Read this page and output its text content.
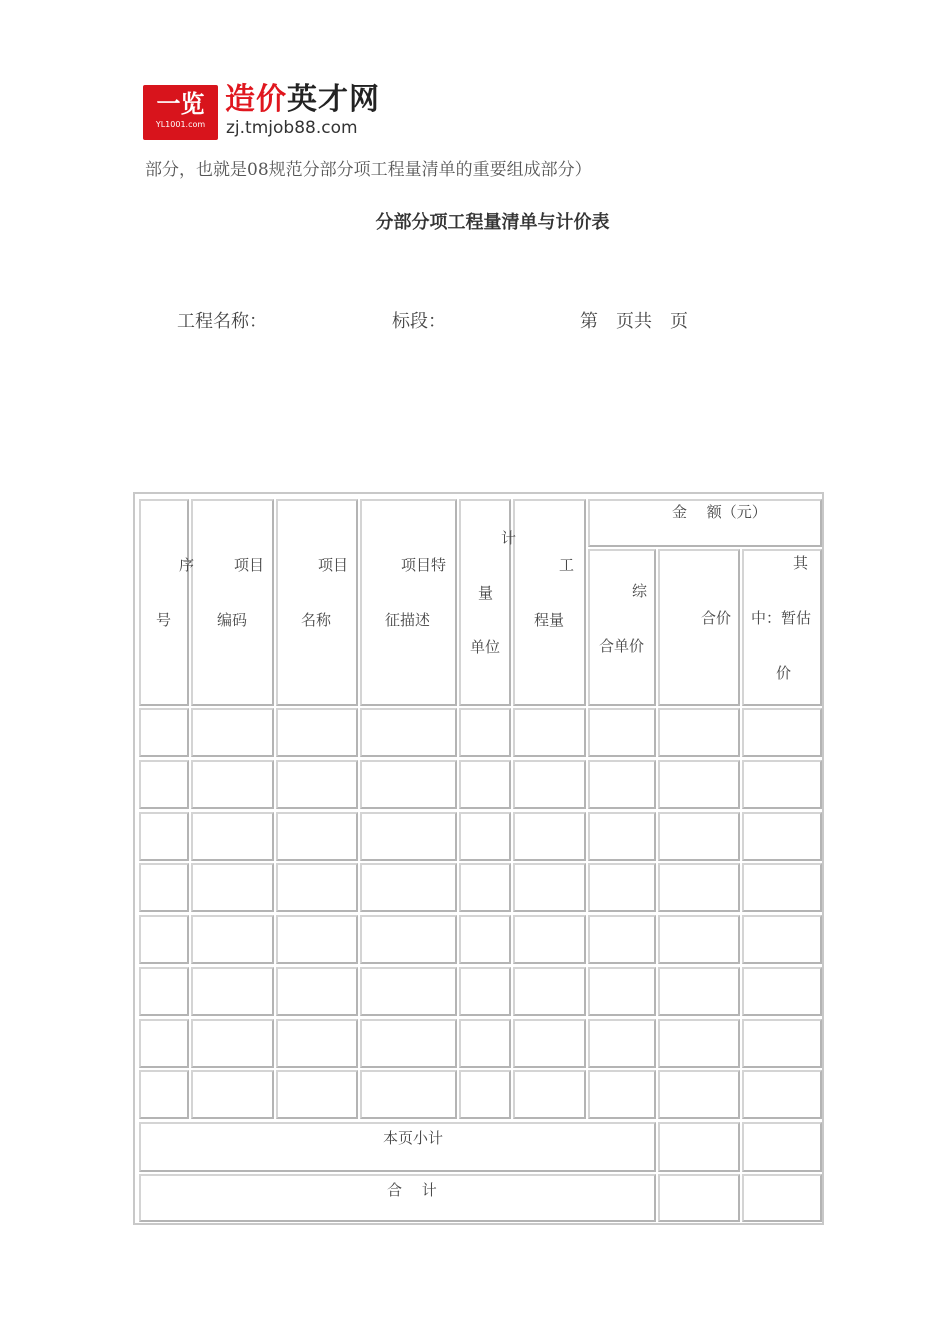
一览
YL1001.com
造价英才网
zj.tmjob88.com
部分，也就是08规范分部分项工程量清单的重要组成部分）
分部分项工程量清单与计价表
工程名称：	标段：	第　页共　页
序
号
项目
编码
项目
名称
项目特
征描述
计
量
单位
工
程量
金　 额（元）
综
合单价
合价
其
中：暂估
价
本页小计
合　 计
